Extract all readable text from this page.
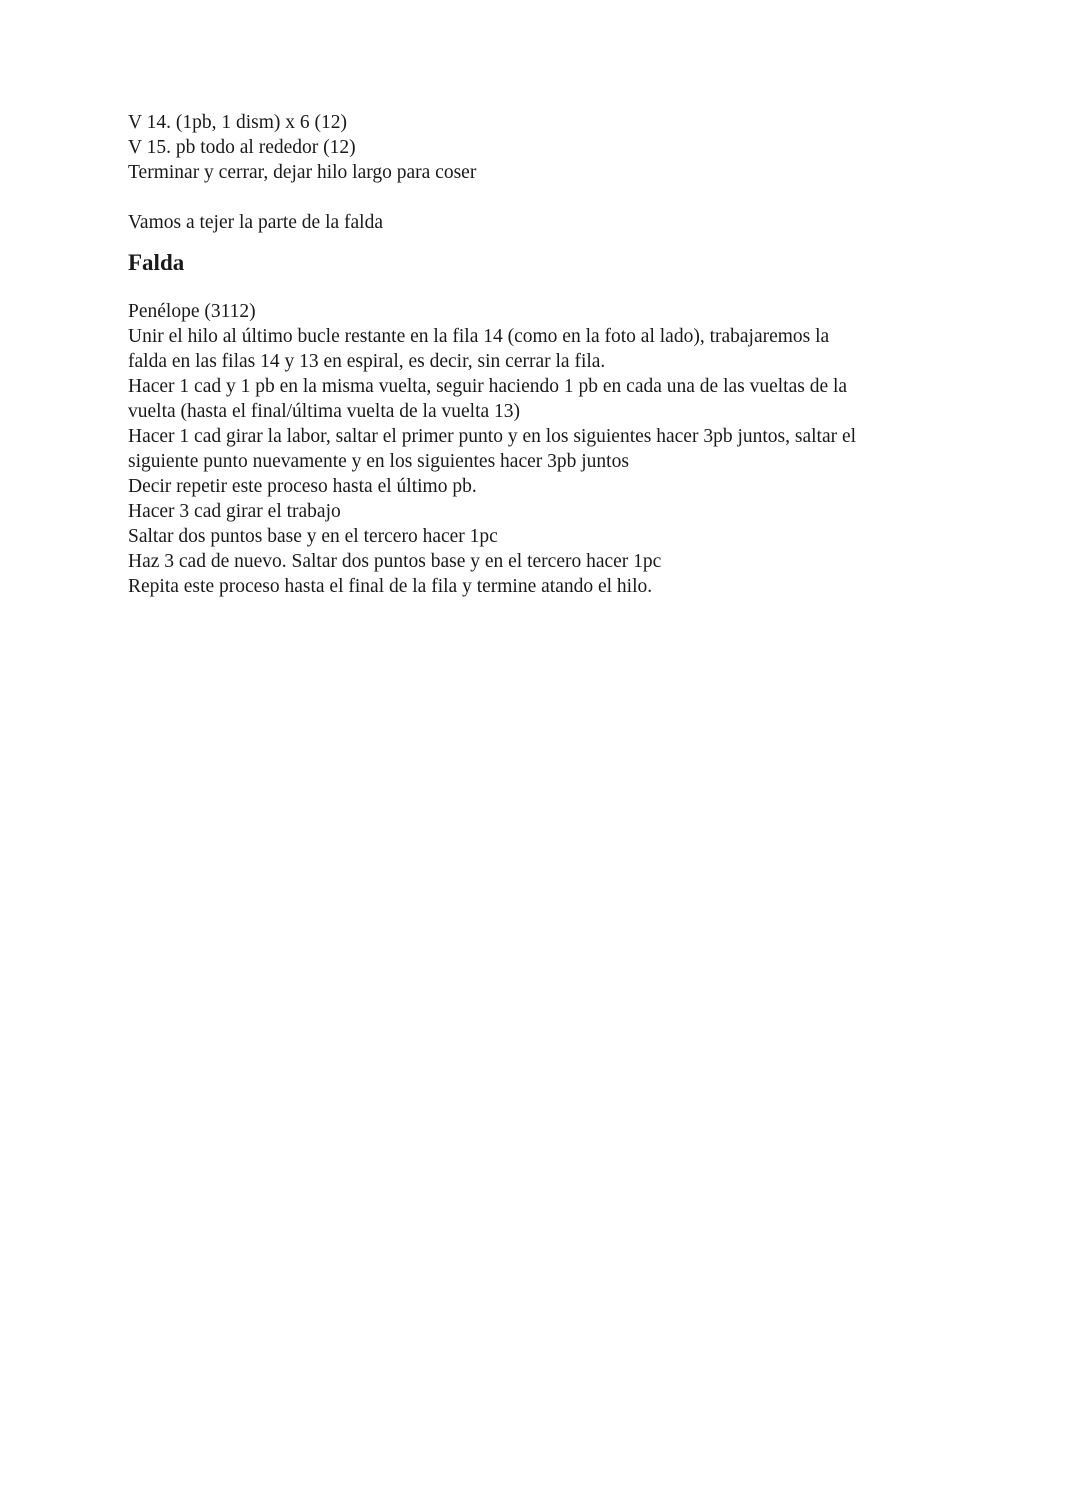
V 14. (1pb, 1 dism) x 6 (12)
V 15. pb todo al rededor (12)
Terminar y cerrar, dejar hilo largo para coser
Vamos a tejer la parte de la falda
Falda
Penélope (3112)
Unir el hilo al último bucle restante en la fila 14 (como en la foto al lado), trabajaremos la
falda en las filas 14 y 13 en espiral, es decir, sin cerrar la fila.
Hacer 1 cad y 1 pb en la misma vuelta, seguir haciendo 1 pb en cada una de las vueltas de la
vuelta (hasta el final/última vuelta de la vuelta 13)
Hacer 1 cad girar la labor, saltar el primer punto y en los siguientes hacer 3pb juntos, saltar el
siguiente punto nuevamente y en los siguientes hacer 3pb juntos
Decir repetir este proceso hasta el último pb.
Hacer 3 cad girar el trabajo
Saltar dos puntos base y en el tercero hacer 1pc
Haz 3 cad de nuevo. Saltar dos puntos base y en el tercero hacer 1pc
Repita este proceso hasta el final de la fila y termine atando el hilo.
